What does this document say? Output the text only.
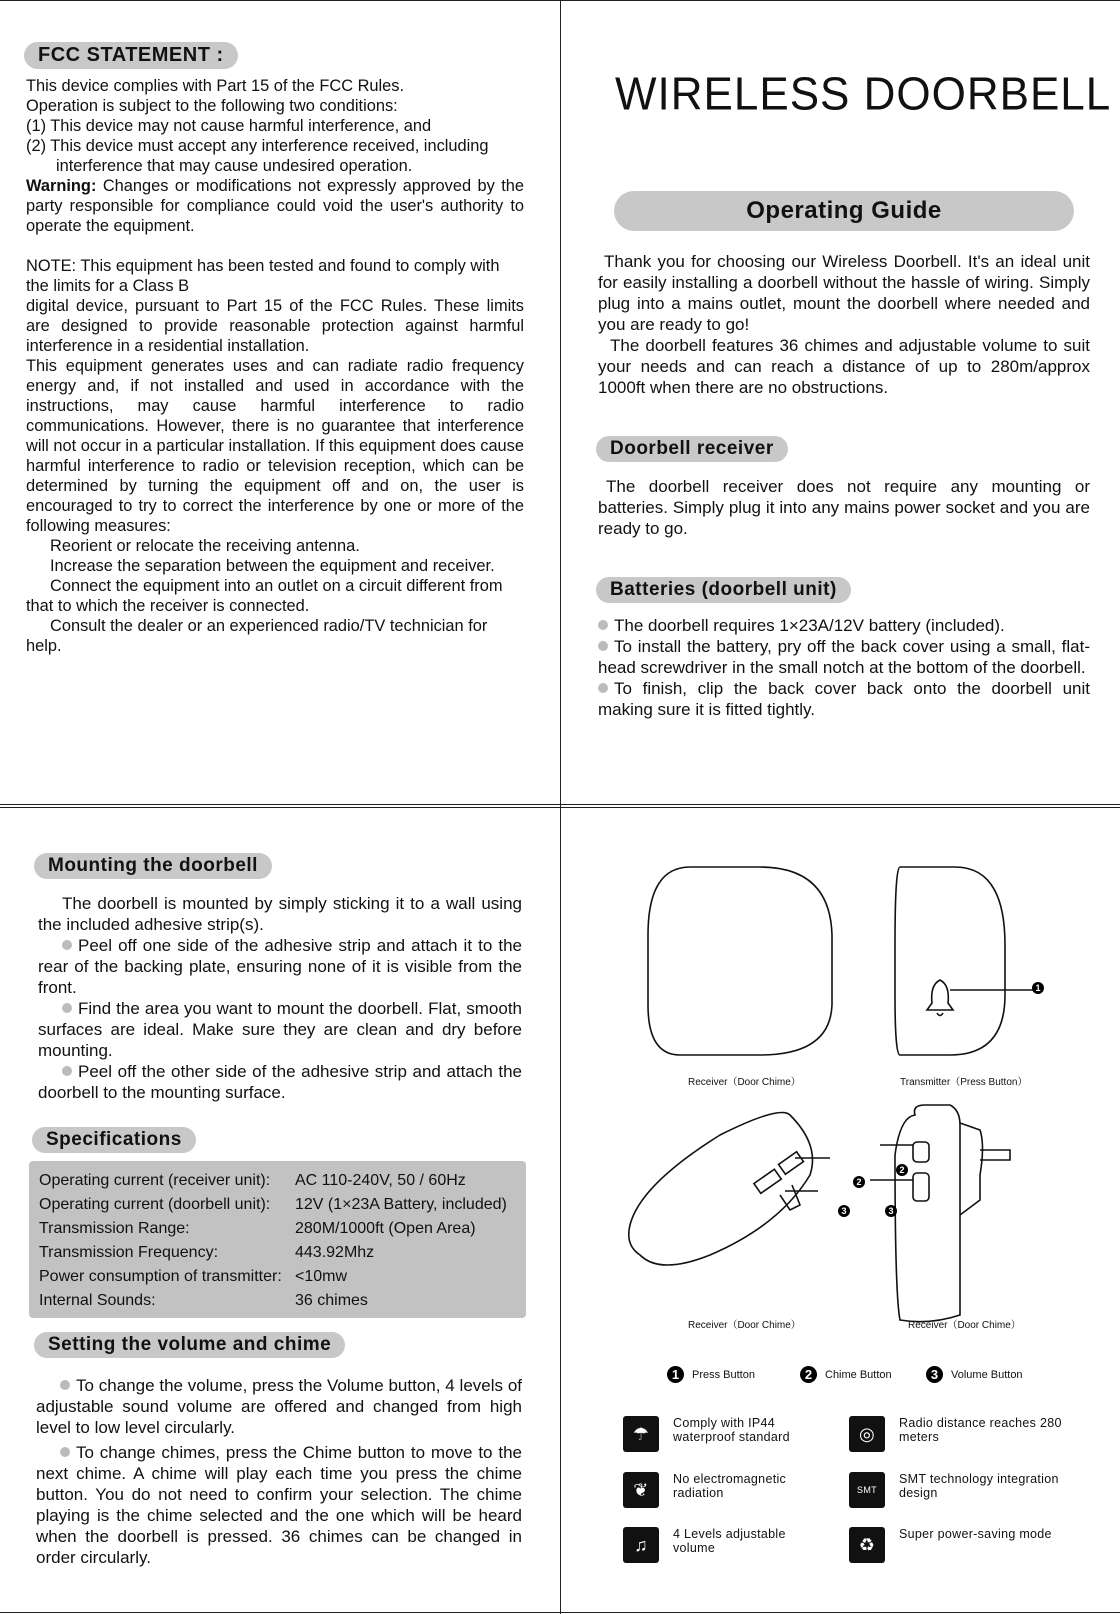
FCC STATEMENT :

This device complies with Part 15 of the FCC Rules.

Operation is subject to the following two conditions:

(1) This device may not cause harmful interference, and

(2) This device must accept any interference received, including

interference that may cause undesired operation.

Warning: Changes or modifications not expressly approved by the party responsible for compliance could void the user's authority to operate the equipment.

NOTE: This equipment has been tested and found to comply with the limits for a Class B

digital device, pursuant to Part 15 of the FCC Rules. These limits are designed to provide reasonable protection against harmful interference in a residential installation.

This equipment generates uses and can radiate radio frequency energy and, if not installed and used in accordance with the instructions, may cause harmful interference to radio communications. However, there is no guarantee that interference will not occur in a particular installation. If this equipment does cause harmful interference to radio or television reception, which can be determined by turning the equipment off and on, the user is encouraged to try to correct the interference by one or more of the following measures:

Reorient or relocate the receiving antenna.

Increase the separation between the equipment and receiver.

Connect the equipment into an outlet on a circuit different from that to which the receiver is connected.

Consult the dealer or an experienced radio/TV technician for help.

WIRELESS DOORBELL
Operating Guide

Thank you for choosing our Wireless Doorbell. It's an ideal unit for easily installing a doorbell without the hassle of wiring. Simply plug into a mains outlet, mount the doorbell where needed and you are ready to go!

The doorbell features 36 chimes and adjustable volume to suit your needs and can reach a distance of up to 280m/approx 1000ft when there are no obstructions.

Doorbell receiver
The doorbell receiver does not require any mounting or batteries. Simply plug it into any mains power socket and you are ready to go.
Batteries (doorbell unit)

The doorbell requires 1×23A/12V battery (included).

To install the battery, pry off the back cover using a small, flat-head screwdriver in the small notch at the bottom of the doorbell.

To finish, clip the back cover back onto the doorbell unit making sure it is fitted tightly.

Mounting the doorbell

The doorbell is mounted by simply sticking it to a wall using the included adhesive strip(s).

Peel off one side of the adhesive strip and attach it to the rear of the backing plate, ensuring none of it is visible from the front.

Find the area you want to mount the doorbell. Flat, smooth surfaces are ideal. Make sure they are clean and dry before mounting.

Peel off the other side of the adhesive strip and attach the doorbell to the mounting surface.

Specifications
Operating current (receiver unit):	AC 110-240V, 50 / 60Hz
Operating current (doorbell unit):	12V (1×23A Battery, included)
Transmission Range:	280M/1000ft (Open Area)
Transmission Frequency:	443.92Mhz
Power consumption of transmitter: <10mw
Internal Sounds:	36 chimes
Setting the volume and chime

To change the volume, press the Volume button, 4 levels of adjustable sound volume are offered and changed from high level to low level circularly.

To change chimes, press the Chime button to move to the next chime. A chime will play each time you press the chime button. You do not need to confirm your selection. The chime playing is the chime selected and the one which will be heard when the doorbell is pressed. 36 chimes can be changed in order circularly.

1
2
3
2
3
Receiver（Door Chime）	Transmitter（Press Button）
Receiver（Door Chime）	Receiver（Door Chime）
1	Press Button	2	Chime Button	3	Volume Button
☂
Comply with IP44 waterproof standard	◎
Radio distance reaches 280 meters
❦
No electromagnetic radiation	SMT
SMT technology integration design
♫
4 Levels adjustable volume	♻
Super power-saving mode
